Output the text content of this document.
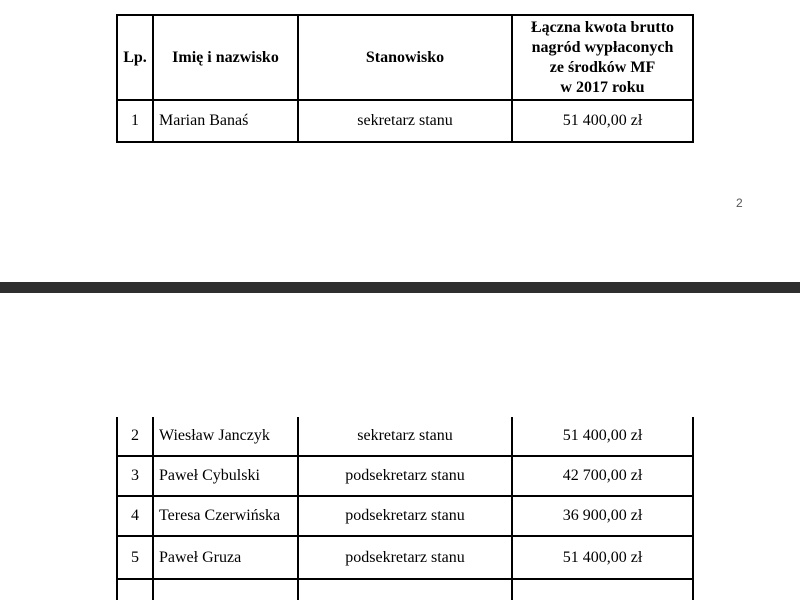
Lp.	Imię i nazwisko	Stanowisko	Łączna kwota brutto
nagród wypłaconych
ze środków MF
w 2017 roku

1	Marian Banaś	sekretarz stanu	51 400,00 zł
2
2	Wiesław Janczyk	sekretarz stanu	51 400,00 zł
3	Paweł Cybulski	podsekretarz stanu	42 700,00 zł
4	Teresa Czerwińska	podsekretarz stanu	36 900,00 zł
5	Paweł Gruza	podsekretarz stanu	51 400,00 zł
